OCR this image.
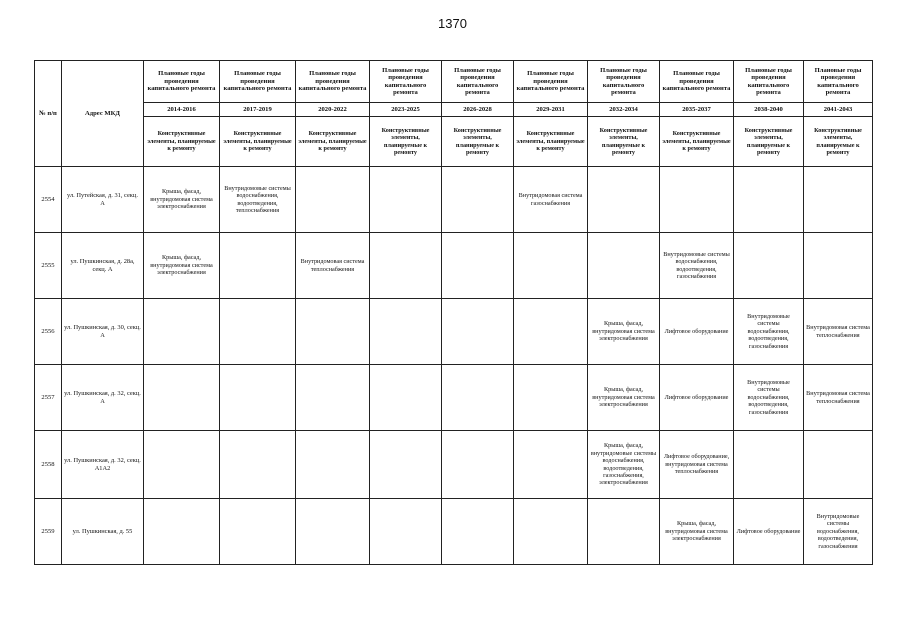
1370
№ п/п	Адрес МКД	Плановые годы проведения капитального ремонта	Плановые годы проведения капитального ремонта	Плановые годы проведения капитального ремонта	Плановые годы проведения капитального ремонта	Плановые годы проведения капитального ремонта	Плановые годы проведения капитального ремонта	Плановые годы проведения капитального ремонта	Плановые годы проведения капитального ремонта	Плановые годы проведения капитального ремонта	Плановые годы проведения капитального ремонта
		2014-2016	2017-2019	2020-2022	2023-2025	2026-2028	2029-2031	2032-2034	2035-2037	2038-2040	2041-2043
		Конструктивные элементы, планируемые к ремонту	Конструктивные элементы, планируемые к ремонту	Конструктивные элементы, планируемые к ремонту	Конструктивные элементы, планируемые к ремонту	Конструктивные элементы, планируемые к ремонту	Конструктивные элементы, планируемые к ремонту	Конструктивные элементы, планируемые к ремонту	Конструктивные элементы, планируемые к ремонту	Конструктивные элементы, планируемые к ремонту	Конструктивные элементы, планируемые к ремонту
2554	ул. Путейская, д. 31, секц. А	Крыша, фасад, внутридомовая система электроснабжения	Внутридомовые системы водоснабжения, водоотведения, теплоснабжения				Внутридомовая система газоснабжения				
2555	ул. Пушкинская, д. 28а, секц. А	Крыша, фасад, внутридомовая система электроснабжения		Внутридомовая система теплоснабжения					Внутридомовые системы водоснабжения, водоотведения, газоснабжения		
2556	ул. Пушкинская, д. 30, секц. А							Крыша, фасад, внутридомовая система электроснабжения	Лифтовое оборудование	Внутридомовые системы водоснабжения, водоотведения, газоснабжения	Внутридомовая система теплоснабжения
2557	ул. Пушкинская, д. 32, секц. А							Крыша, фасад, внутридомовая система электроснабжения	Лифтовое оборудование	Внутридомовые системы водоснабжения, водоотведения, газоснабжения	Внутридомовая система теплоснабжения
2558	ул. Пушкинская, д. 32, секц. А1А2							Крыша, фасад, внутридомовые системы водоснабжения, водоотведения, газоснабжения, электроснабжения	Лифтовое оборудование, внутридомовая система теплоснабжения		
2559	ул. Пушкинская, д. 55								Крыша, фасад, внутридомовая система электроснабжения	Лифтовое оборудование	Внутридомовые системы водоснабжения, водоотведения, газоснабжения
